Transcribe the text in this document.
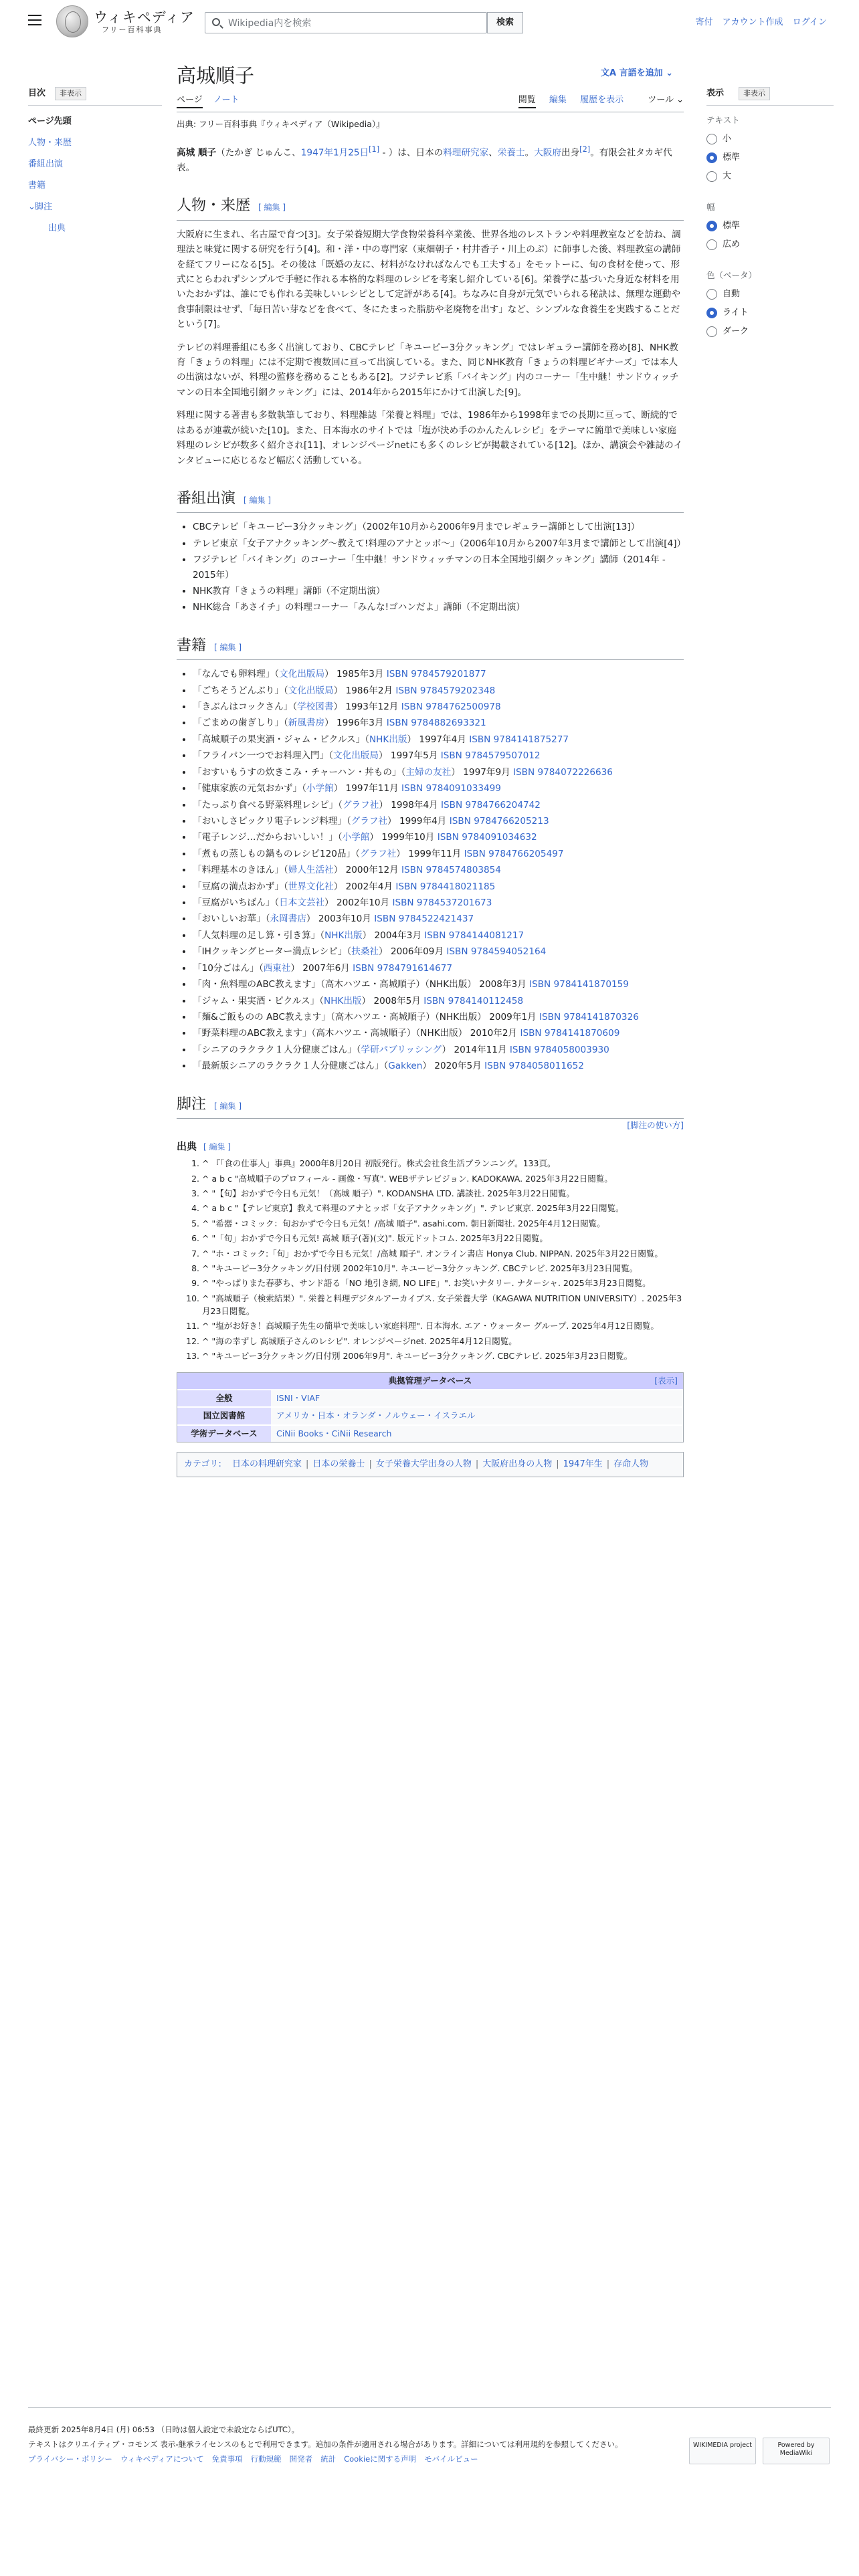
ウィキペディア
フリー百科事典
Wikipedia内を検索	検索	寄付 アカウント作成 ログイン
目次	非表示
ページ先頭
人物・来歴
番組出演
書籍
⌄脚注
出典
高城順子	文A 言語を追加 ⌄
ページ ノート	閲覧 編集 履歴を表示	ツール ⌄
出典: フリー百科事典『ウィキペディア（Wikipedia）』

高城 順子（たかぎ じゅんこ、1947年1月25日[1] - ）は、日本の料理研究家、栄養士。大阪府出身[2]。有限会社タカギ代表。

人物・来歴 [ 編集 ]

大阪府に生まれ、名古屋で育つ[3]。女子栄養短期大学食物栄養科卒業後、世界各地のレストランや料理教室などを訪ね、調理法と味覚に関する研究を行う[4]。和・洋・中の専門家（東畑朝子・村井香子・川上のぶ）に師事した後、料理教室の講師を経てフリーになる[5]。その後は「既婚の友に、材料がなければなんでも工夫する」をモットーに、旬の食材を使って、形式にとらわれずシンプルで手軽に作れる本格的な料理のレシピを考案し紹介している[6]。栄養学に基づいた身近な材料を用いたおかずは、誰にでも作れる美味しいレシピとして定評がある[4]。ちなみに自身が元気でいられる秘訣は、無理な運動や食事制限はせず、「毎日苦い芽などを食べて、冬にたまった脂肪や老廃物を出す」など、シンプルな食養生を実践することだという[7]。

テレビの料理番組にも多く出演しており、CBCテレビ「キユーピー3分クッキング」ではレギュラー講師を務め[8]、NHK教育「きょうの料理」には不定期で複数回に亘って出演している。また、同じNHK教育「きょうの料理ビギナーズ」では本人の出演はないが、料理の監修を務めることもある[2]。フジテレビ系「バイキング」内のコーナー「生中継！サンドウィッチマンの日本全国地引網クッキング」には、2014年から2015年にかけて出演した[9]。

料理に関する著書も多数執筆しており、料理雑誌「栄養と料理」では、1986年から1998年までの長期に亘って、断続的ではあるが連載が続いた[10]。また、日本海水のサイトでは「塩が決め手のかんたんレシピ」をテーマに簡単で美味しい家庭料理のレシピが数多く紹介され[11]、オレンジページnetにも多くのレシピが掲載されている[12]。ほか、講演会や雑誌のインタビューに応じるなど幅広く活動している。

番組出演 [ 編集 ]
• CBCテレビ「キユーピー3分クッキング」（2002年10月から2006年9月までレギュラー講師として出演[13]）
• テレビ東京「女子アナクッキング〜教えて!料理のアナとッボ〜」（2006年10月から2007年3月まで講師として出演[4]）
• フジテレビ「バイキング」のコーナー「生中継！サンドウィッチマンの日本全国地引網クッキング」講師（2014年 - 2015年）
• NHK教育「きょうの料理」講師（不定期出演）
• NHK総合「あさイチ」の料理コーナー「みんな!ゴハンだよ」講師（不定期出演）
書籍 [ 編集 ]
• 「なんでも卵料理」（文化出版局） 1985年3月 ISBN 9784579201877
• 「ごちそうどんぶり」（文化出版局） 1986年2月 ISBN 9784579202348
• 「きぶんはコックさん」（学校図書） 1993年12月 ISBN 9784762500978
• 「ごまめの歯ぎしり」（新風書房） 1996年3月 ISBN 9784882693321
• 「高城順子の果実酒・ジャム・ピクルス」（NHK出版） 1997年4月 ISBN 9784141875277
• 「フライパン一つでお料理入門」（文化出版局） 1997年5月 ISBN 9784579507012
• 「おすいもうすの炊きこみ・チャーハン・丼もの」（主婦の友社） 1997年9月 ISBN 9784072226636
• 「健康家族の元気おかず」（小学館） 1997年11月 ISBN 9784091033499
• 「たっぷり食べる野菜料理レシピ」（グラフ社） 1998年4月 ISBN 9784766204742
• 「おいしさピックリ電子レンジ料理」（グラフ社） 1999年4月 ISBN 9784766205213
• 「電子レンジ…だからおいしい！」（小学館） 1999年10月 ISBN 9784091034632
• 「煮もの蒸しもの鍋ものレシピ120品」（グラフ社） 1999年11月 ISBN 9784766205497
• 「料理基本のきほん」（婦人生活社） 2000年12月 ISBN 9784574803854
• 「豆腐の満点おかず」（世界文化社） 2002年4月 ISBN 9784418021185
• 「豆腐がいちばん」（日本文芸社） 2002年10月 ISBN 9784537201673
• 「おいしいお華」（永岡書店） 2003年10月 ISBN 9784522421437
• 「人気料理の足し算・引き算」（NHK出版） 2004年3月 ISBN 9784144081217
• 「IHクッキングヒーター満点レシピ」（扶桑社） 2006年09月 ISBN 9784594052164
• 「10分ごはん」（西東社） 2007年6月 ISBN 9784791614677
• 「肉・魚料理のABC教えます」（高木ハツエ・高城順子）（NHK出版） 2008年3月 ISBN 9784141870159
• 「ジャム・果実酒・ピクルス」（NHK出版） 2008年5月 ISBN 9784140112458
• 「麺&ご飯ものの ABC教えます」（高木ハツエ・高城順子）（NHK出版） 2009年1月 ISBN 9784141870326
• 「野菜料理のABC教えます」（高木ハツエ・高城順子）（NHK出版） 2010年2月 ISBN 9784141870609
• 「シニアのラクラク１人分健康ごはん」（学研パブリッシング） 2014年11月 ISBN 9784058003930
• 「最新版シニアのラクラク１人分健康ごはん」（Gakken） 2020年5月 ISBN 9784058011652
脚注 [ 編集 ]
[脚注の使い方]
出典 [ 編集 ]
1. ^ 『「食の仕事人」事典』2000年8月20日 初版発行。株式会社食生活プランニング。133頁。
2. ^ a b c "高城順子のプロフィール - 画像・写真". WEBザテレビジョン. KADOKAWA. 2025年3月22日閲覧。
3. ^ "【旬】おかずで今日も元気！（高城 順子）". KODANSHA LTD. 講談社. 2025年3月22日閲覧。
4. ^ a b c "【テレビ東京】教えて料理のアナとッボ「女子アナクッキング」". テレビ東京. 2025年3月22日閲覧。
5. ^ "希器・コミック：旬おかずで今日も元気！/高城 順子". asahi.com. 朝日新聞社. 2025年4月12日閲覧。
6. ^ "「旬」おかずで今日も元気! 高城 順子(著)(文)". 版元ドットコム. 2025年3月22日閲覧。
7. ^ "ホ・コミック:「旬」おかずで今日も元気！/高城 順子". オンライン書店 Honya Club. NIPPAN. 2025年3月22日閲覧。
8. ^ "キユーピー3分クッキング/日付別 2002年10月". キユーピー3分クッキング. CBCテレビ. 2025年3月23日閲覧。
9. ^ "やっぱりまた春夢ち、サンド語る「NO 地引き網, NO LIFE」". お笑いナタリー. ナターシャ. 2025年3月23日閲覧。
10. ^ "高城順子（検索結果）". 栄養と料理デジタルアーカイブス. 女子栄養大学（KAGAWA NUTRITION UNIVERSITY）. 2025年3月23日閲覧。
11. ^ "塩がお好き！高城順子先生の簡単で美味しい家庭料理". 日本海水. エア・ウォーター グループ. 2025年4月12日閲覧。
12. ^ "海の幸ずし 高城順子さんのレシピ". オレンジページnet. 2025年4月12日閲覧。
13. ^ "キユーピー3分クッキング/日付別 2006年9月". キユーピー3分クッキング. CBCテレビ. 2025年3月23日閲覧。
典拠管理データベース	[表示]
全般	ISNI・VIAF
国立図書館	アメリカ・日本・オランダ・ノルウェー・イスラエル
学術データベース	CiNii Books・CiNii Research
カテゴリ: 日本の料理研究家 | 日本の栄養士 | 女子栄養大学出身の人物 | 大阪府出身の人物 | 1947年生 | 存命人物
表示	非表示
テキスト
小
標準
大
幅
標準
広め
色（ベータ）
自動
ライト
ダーク
最終更新 2025年8月4日 (月) 06:53 （日時は個人設定で未設定ならばUTC）。
テキストはクリエイティブ・コモンズ 表示-継承ライセンスのもとで利用できます。追加の条件が適用される場合があります。詳細については利用規約を参照してください。
プライバシー・ポリシー ウィキペディアについて 免責事項 行動規範 開発者 統計 Cookieに関する声明 モバイルビュー
WIKIMEDIA project	Powered by MediaWiki
